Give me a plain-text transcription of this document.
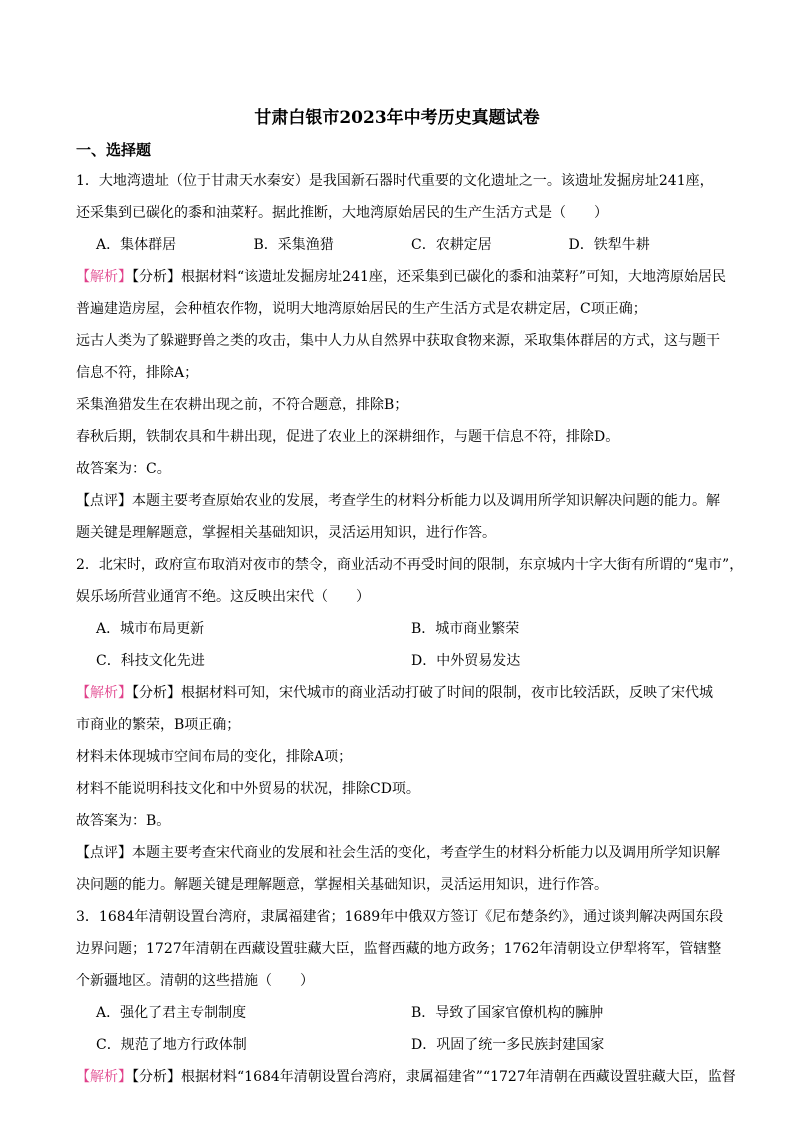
甘肃白银市2023年中考历史真题试卷
一、选择题

1．大地湾遗址（位于甘肃天水秦安）是我国新石器时代重要的文化遗址之一。该遗址发掘房址241座，

还采集到已碳化的黍和油菜籽。据此推断，大地湾原始居民的生产生活方式是（　　）

A．集体群居	B．采集渔猎	C．农耕定居	D．铁犁牛耕

【解析】【分析】根据材料“该遗址发掘房址241座，还采集到已碳化的黍和油菜籽”可知，大地湾原始居民

普遍建造房屋，会种植农作物，说明大地湾原始居民的生产生活方式是农耕定居，C项正确；

远古人类为了躲避野兽之类的攻击，集中人力从自然界中获取食物来源，采取集体群居的方式，这与题干

信息不符，排除A；

采集渔猎发生在农耕出现之前，不符合题意，排除B；

春秋后期，铁制农具和牛耕出现，促进了农业上的深耕细作，与题干信息不符，排除D。

故答案为：C。

【点评】本题主要考查原始农业的发展，考查学生的材料分析能力以及调用所学知识解决问题的能力。解

题关键是理解题意，掌握相关基础知识，灵活运用知识，进行作答。

2．北宋时，政府宣布取消对夜市的禁令，商业活动不再受时间的限制，东京城内十字大街有所谓的“鬼市”，

娱乐场所营业通宵不绝。这反映出宋代（　　）

A．城市布局更新	B．城市商业繁荣
C．科技文化先进	D．中外贸易发达

【解析】【分析】根据材料可知，宋代城市的商业活动打破了时间的限制，夜市比较活跃，反映了宋代城

市商业的繁荣，B项正确；

材料未体现城市空间布局的变化，排除A项；

材料不能说明科技文化和中外贸易的状况，排除CD项。

故答案为：B。

【点评】本题主要考查宋代商业的发展和社会生活的变化，考查学生的材料分析能力以及调用所学知识解

决问题的能力。解题关键是理解题意，掌握相关基础知识，灵活运用知识，进行作答。

3．1684年清朝设置台湾府，隶属福建省；1689年中俄双方签订《尼布楚条约》，通过谈判解决两国东段

边界问题；1727年清朝在西藏设置驻藏大臣，监督西藏的地方政务；1762年清朝设立伊犁将军，管辖整

个新疆地区。清朝的这些措施（　　）

A．强化了君主专制制度	B．导致了国家官僚机构的臃肿
C．规范了地方行政体制	D．巩固了统一多民族封建国家

【解析】【分析】根据材料“1684年清朝设置台湾府，隶属福建省”“1727年清朝在西藏设置驻藏大臣，监督
